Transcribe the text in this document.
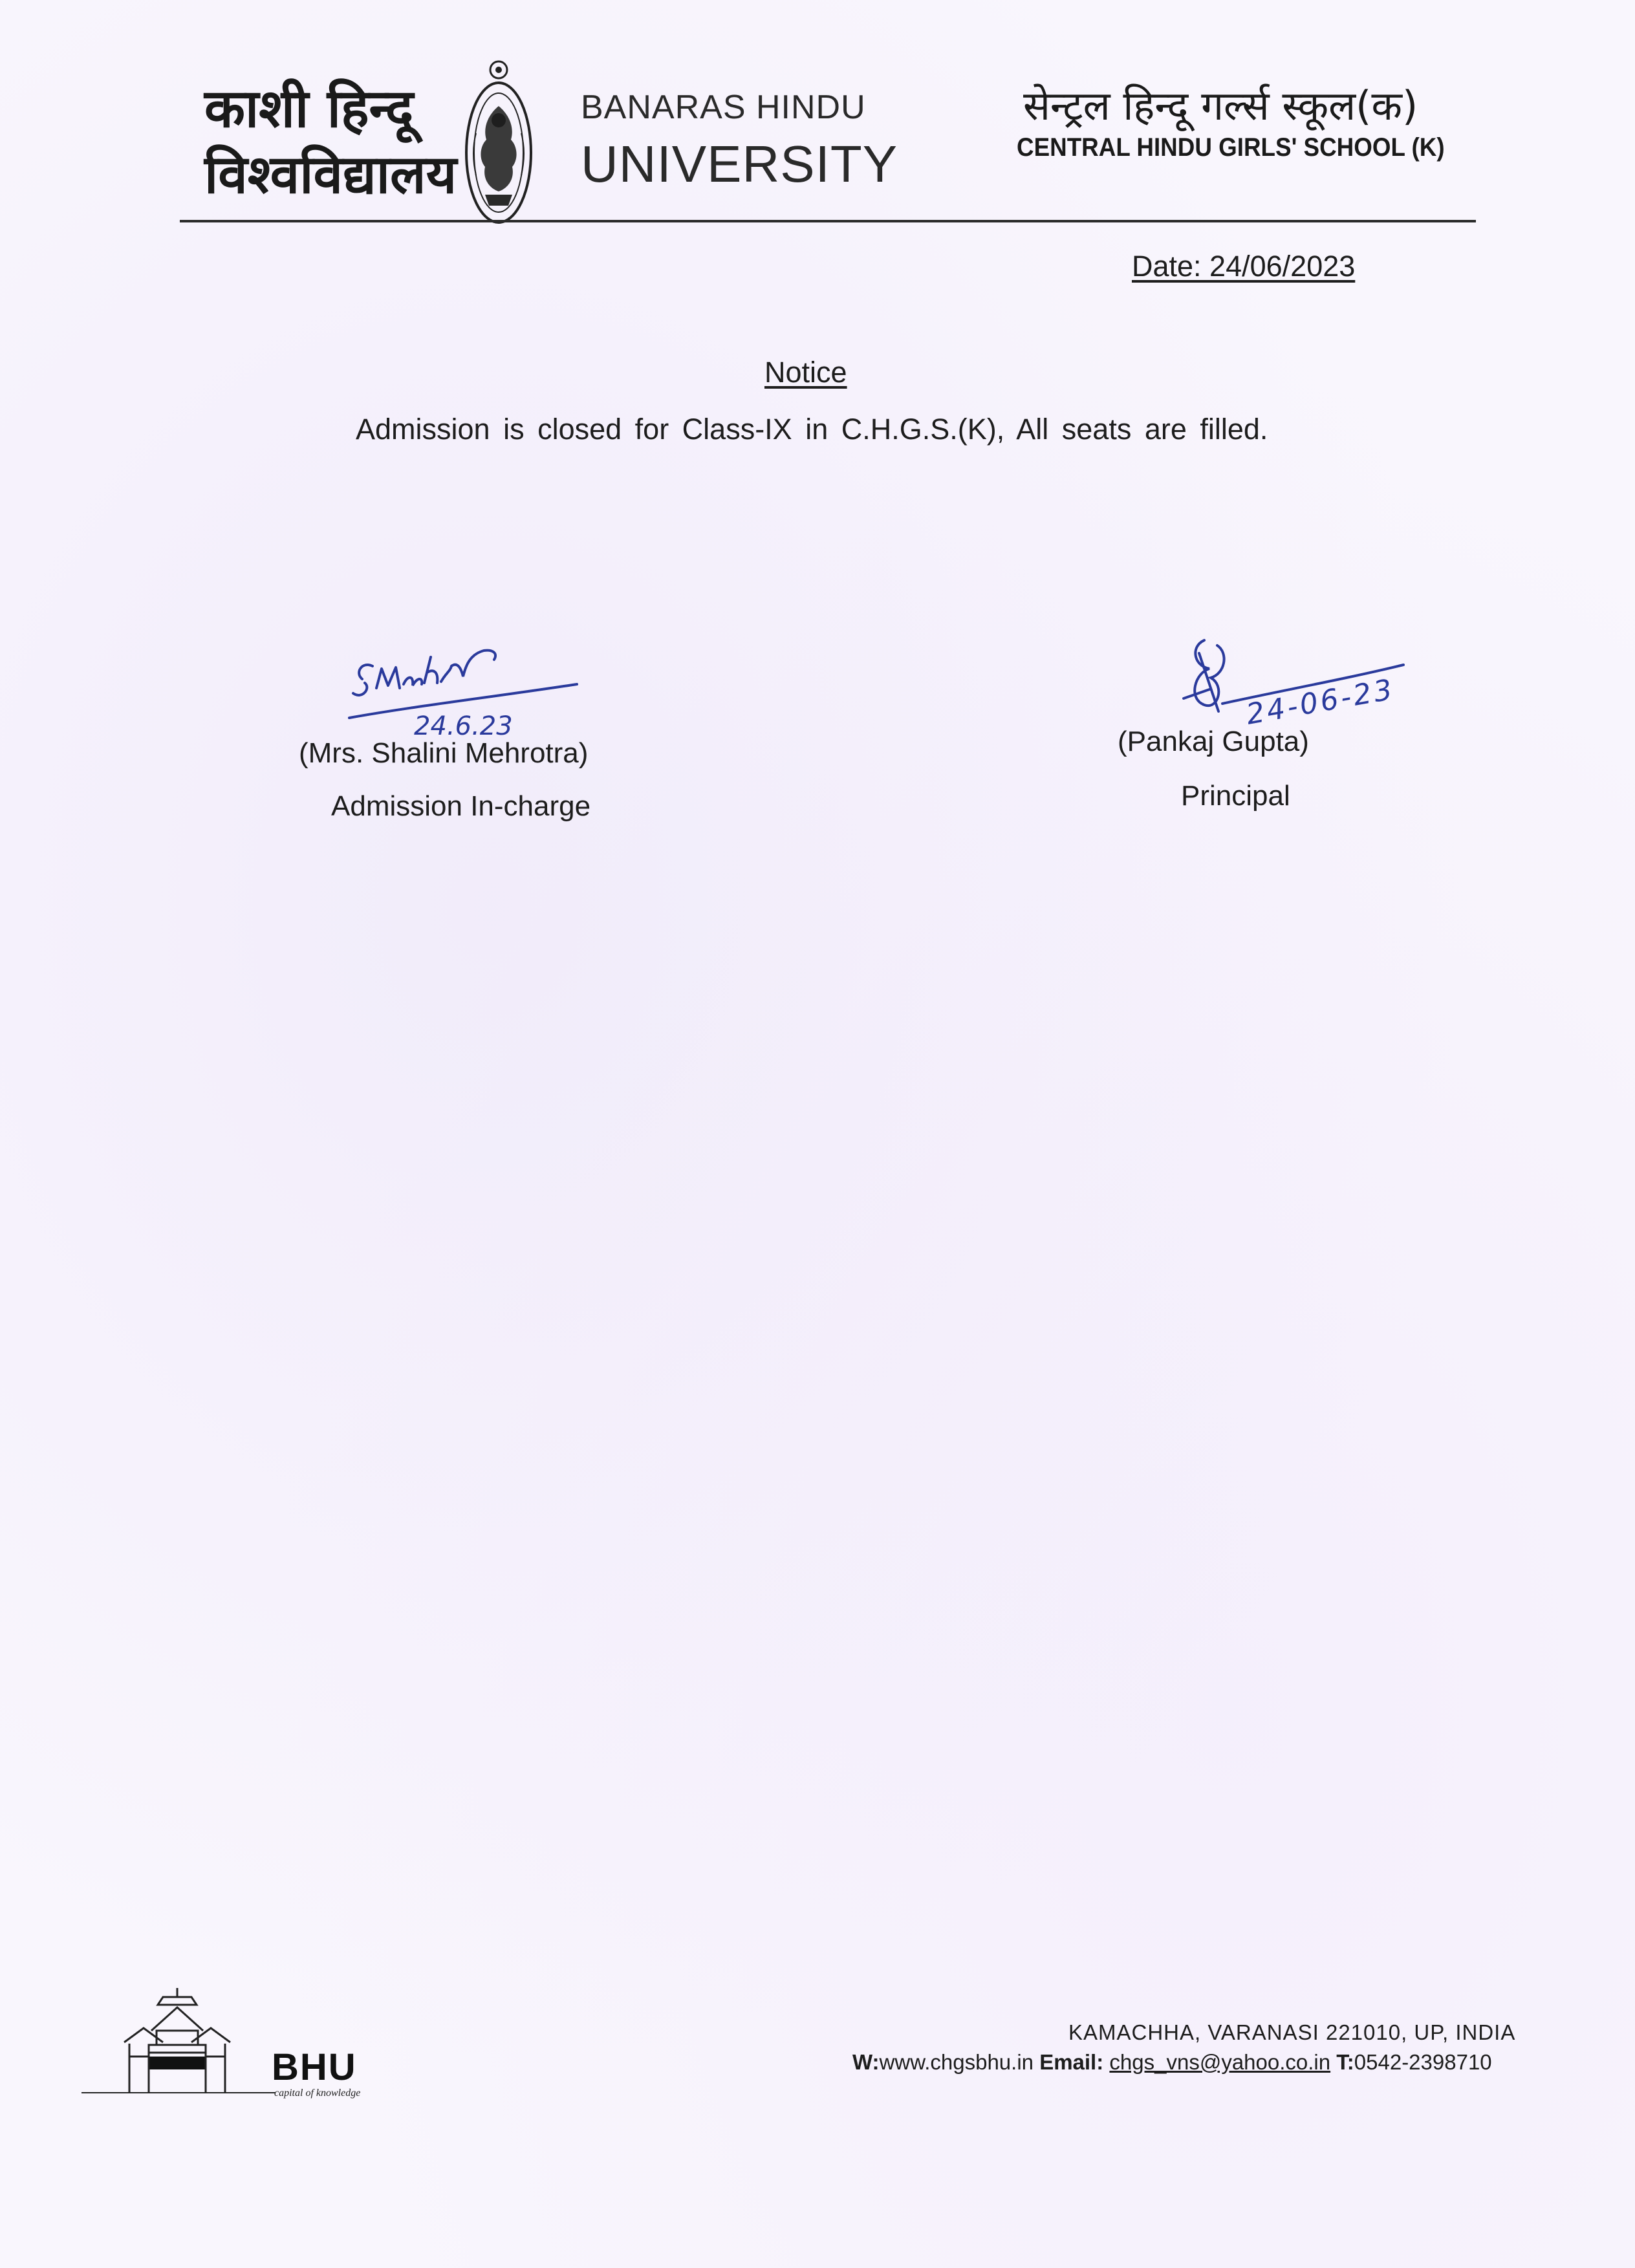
काशी हिन्दू
विश्वविद्यालय
BANARAS HINDU
UNIVERSITY
सेन्ट्रल हिन्दू गर्ल्स स्कूल(क)
CENTRAL HINDU GIRLS' SCHOOL (K)
Date: 24/06/2023
Notice
Admission is closed for Class-IX in C.H.G.S.(K), All seats are filled.
24.6.23
(Mrs. Shalini Mehrotra)
Admission In-charge
24-06-23
(Pankaj Gupta)
Principal
BHU
capital of knowledge
KAMACHHA, VARANASI 221010, UP, INDIA
W:www.chgsbhu.in Email: chgs_vns@yahoo.co.in T:0542-2398710
